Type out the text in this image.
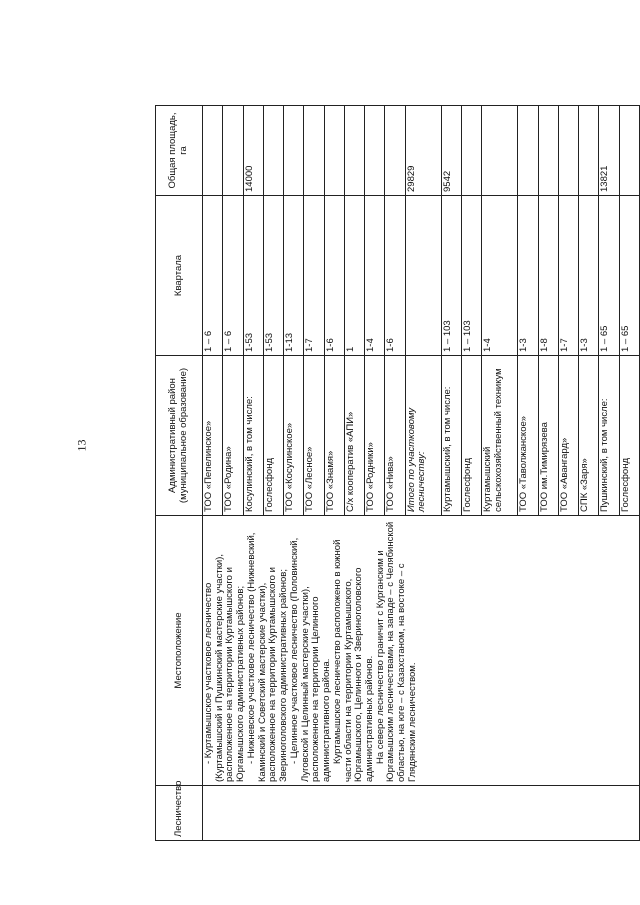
13
Лесничество	Местоположение	Административный район (муниципальное образование)	Квартала	Общая площадь, га

	- Куртамышское участковое лесничество (Куртамышский и Пушкинский мастерские участки), расположенное на территории Куртамышского и Юргамышского административных районов; - Нижневское участковое лесничество (Нижневский, Каминский и Советский мастерские участки), расположенное на территории Куртамышского и Звериноголовского административных районов; - Целинное участковое лесничество (Половинский, Луговской и Целинный мастерские участки), расположенное на территории Целинного административного района. Куртамышское лесничество расположено в южной части области на территории Куртамышского, Юргамышского, Целинного и Звериноголовского административных районов. На севере лесничество граничит с Курганским и Юргамышским лесничествами, на западе – с Челябинской областью, на юге – с Казахстаном, на востоке – с Глядянским лесничеством.	ТОО «Пепелинское»	1 – 6	
		ТОО «Родина»	1 – 6	
		Косулинский, в том числе:	1-53	14000
		Гослесфонд	1-53	
		ТОО «Косулинское»	1-13	
		ТОО «Лесное»	1-7	
		ТОО «Знамя»	1-6	
		С/х кооператив «АПИ»	1	
		ТОО «Родники»	1-4	
		ТОО «Нива»	1-6	
		Итого по участковому лесничеству:		29829
		Куртамышский, в том числе:	1 – 103	9542
		Гослесфонд	1 – 103	
		Куртамышский сельскохозяйственный техникум	1-4	
		ТОО «Таволжанское»	1-3	
		ТОО им.Тимирязева	1-8	
		ТОО «Авангард»	1-7	
		СПК «Заря»	1-3	
		Пушкинский, в том числе:	1 – 65	13821
		Гослесфонд	1 – 65	
